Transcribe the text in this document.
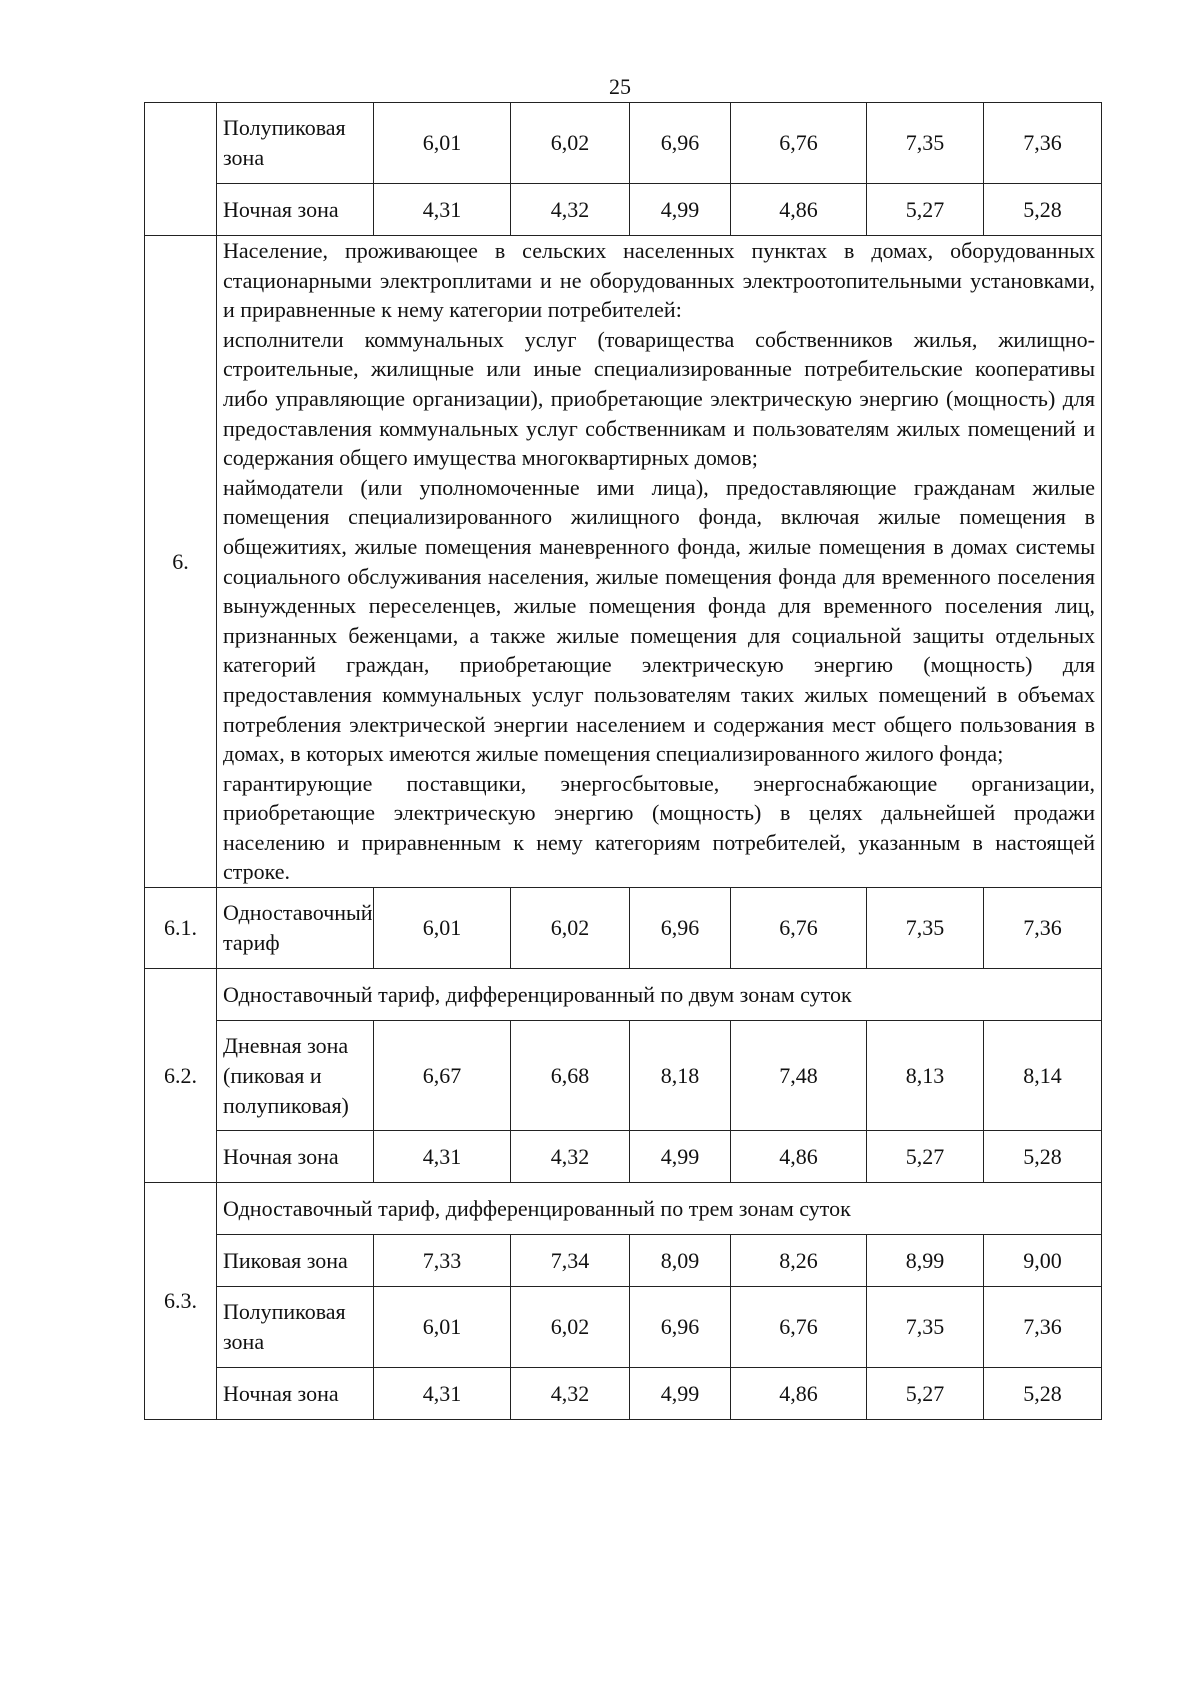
25
	Полупиковая зона	6,01	6,02	6,96	6,76	7,35	7,36
	Ночная зона	4,31	4,32	4,99	4,86	5,27	5,28
6.	Население, проживающее в сельских населенных пунктах в домах, оборудованных стационарными электроплитами и не оборудованных электроотопительными установками, и приравненные к нему категории потребителей:

исполнители коммунальных услуг (товарищества собственников жилья, жилищно-строительные, жилищные или иные специализированные потребительские кооперативы либо управляющие организации), приобретающие электрическую энергию (мощность) для предоставления коммунальных услуг собственникам и пользователям жилых помещений и содержания общего имущества многоквартирных домов;

наймодатели (или уполномоченные ими лица), предоставляющие гражданам жилые помещения специализированного жилищного фонда, включая жилые помещения в общежитиях, жилые помещения маневренного фонда, жилые помещения в домах системы социального обслуживания населения, жилые помещения фонда для временного поселения вынужденных переселенцев, жилые помещения фонда для временного поселения лиц, признанных беженцами, а также жилые помещения для социальной защиты отдельных категорий граждан, приобретающие электрическую энергию (мощность) для предоставления коммунальных услуг пользователям таких жилых помещений в объемах потребления электрической энергии населением и содержания мест общего пользования в домах, в которых имеются жилые помещения специализированного жилого фонда;

гарантирующие поставщики, энергосбытовые, энергоснабжающие организации, приобретающие электрическую энергию (мощность) в целях дальнейшей продажи населению и приравненным к нему категориям потребителей, указанным в настоящей строке.						

6.1.	Одноставочный тариф	6,01	6,02	6,96	6,76	7,35	7,36
6.2.	Одноставочный тариф, дифференцированный по двум зонам суток						
	Дневная зона (пиковая и полупиковая)	6,67	6,68	8,18	7,48	8,13	8,14
	Ночная зона	4,31	4,32	4,99	4,86	5,27	5,28
6.3.	Одноставочный тариф, дифференцированный по трем зонам суток						
	Пиковая зона	7,33	7,34	8,09	8,26	8,99	9,00
	Полупиковая зона	6,01	6,02	6,96	6,76	7,35	7,36
	Ночная зона	4,31	4,32	4,99	4,86	5,27	5,28
